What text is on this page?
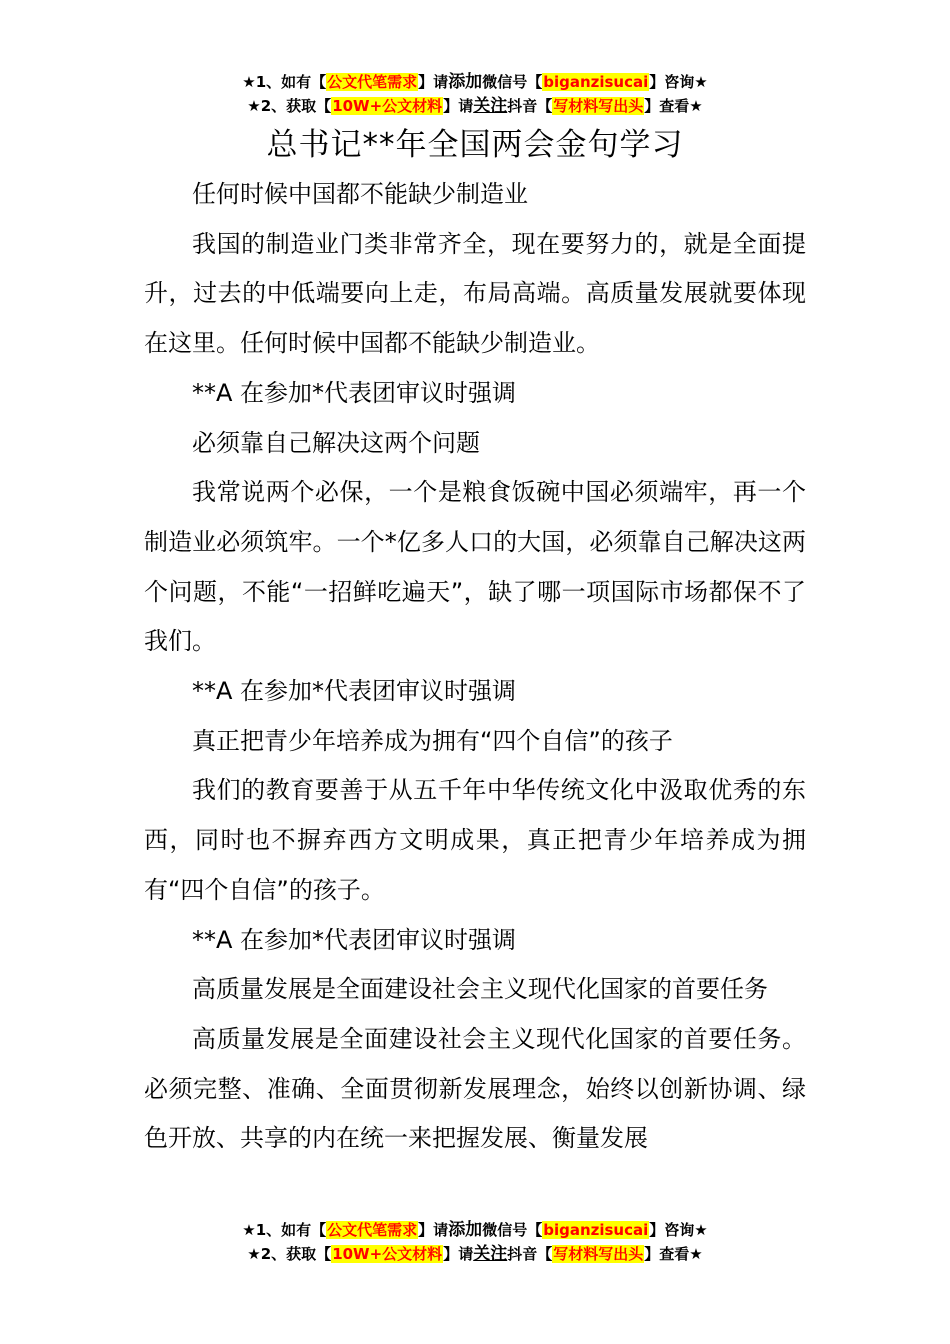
★1、如有【公文代笔需求】请添加微信号【biganzisucai】咨询★
★2、获取【10W+公文材料】请关注抖音【写材料写出头】查看★
总书记**年全国两会金句学习

任何时候中国都不能缺少制造业

我国的制造业门类非常齐全，现在要努力的，就是全面提升，过去的中低端要向上走，布局高端。高质量发展就要体现在这里。任何时候中国都不能缺少制造业。

**A 在参加*代表团审议时强调

必须靠自己解决这两个问题

我常说两个必保，一个是粮食饭碗中国必须端牢，再一个制造业必须筑牢。一个*亿多人口的大国，必须靠自己解决这两个问题，不能“一招鲜吃遍天”，缺了哪一项国际市场都保不了我们。

**A 在参加*代表团审议时强调

真正把青少年培养成为拥有“四个自信”的孩子

我们的教育要善于从五千年中华传统文化中汲取优秀的东西，同时也不摒弃西方文明成果，真正把青少年培养成为拥有“四个自信”的孩子。

**A 在参加*代表团审议时强调

高质量发展是全面建设社会主义现代化国家的首要任务

高质量发展是全面建设社会主义现代化国家的首要任务。必须完整、准确、全面贯彻新发展理念，始终以创新协调、绿色开放、共享的内在统一来把握发展、衡量发展

★1、如有【公文代笔需求】请添加微信号【biganzisucai】咨询★
★2、获取【10W+公文材料】请关注抖音【写材料写出头】查看★
